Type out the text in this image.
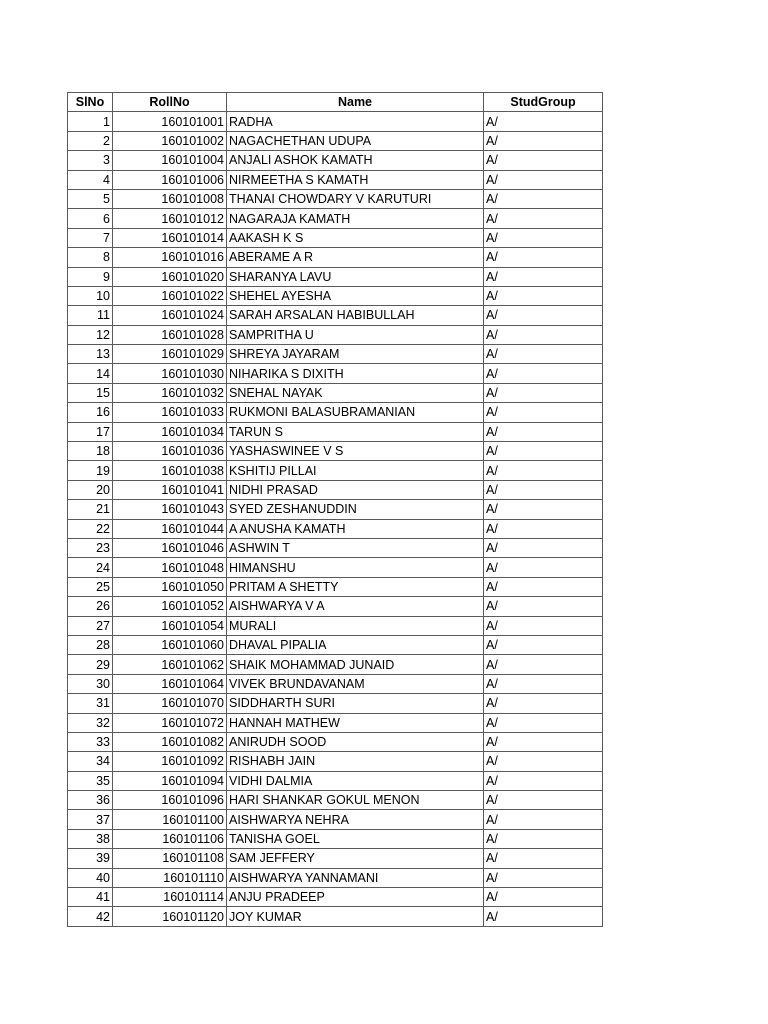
SlNo	RollNo	Name	StudGroup
1	160101001	RADHA	A/
2	160101002	NAGACHETHAN UDUPA	A/
3	160101004	ANJALI ASHOK KAMATH	A/
4	160101006	NIRMEETHA S KAMATH	A/
5	160101008	THANAI CHOWDARY V KARUTURI	A/
6	160101012	NAGARAJA KAMATH	A/
7	160101014	AAKASH K S	A/
8	160101016	ABERAME A R	A/
9	160101020	SHARANYA LAVU	A/
10	160101022	SHEHEL AYESHA	A/
11	160101024	SARAH ARSALAN HABIBULLAH	A/
12	160101028	SAMPRITHA U	A/
13	160101029	SHREYA JAYARAM	A/
14	160101030	NIHARIKA S DIXITH	A/
15	160101032	SNEHAL NAYAK	A/
16	160101033	RUKMONI BALASUBRAMANIAN	A/
17	160101034	TARUN S	A/
18	160101036	YASHASWINEE V S	A/
19	160101038	KSHITIJ PILLAI	A/
20	160101041	NIDHI PRASAD	A/
21	160101043	SYED ZESHANUDDIN	A/
22	160101044	A ANUSHA KAMATH	A/
23	160101046	ASHWIN T	A/
24	160101048	HIMANSHU	A/
25	160101050	PRITAM A SHETTY	A/
26	160101052	AISHWARYA V A	A/
27	160101054	MURALI	A/
28	160101060	DHAVAL PIPALIA	A/
29	160101062	SHAIK MOHAMMAD JUNAID	A/
30	160101064	VIVEK BRUNDAVANAM	A/
31	160101070	SIDDHARTH SURI	A/
32	160101072	HANNAH MATHEW	A/
33	160101082	ANIRUDH SOOD	A/
34	160101092	RISHABH JAIN	A/
35	160101094	VIDHI DALMIA	A/
36	160101096	HARI SHANKAR GOKUL MENON	A/
37	160101100	AISHWARYA NEHRA	A/
38	160101106	TANISHA GOEL	A/
39	160101108	SAM JEFFERY	A/
40	160101110	AISHWARYA YANNAMANI	A/
41	160101114	ANJU PRADEEP	A/
42	160101120	JOY KUMAR	A/
